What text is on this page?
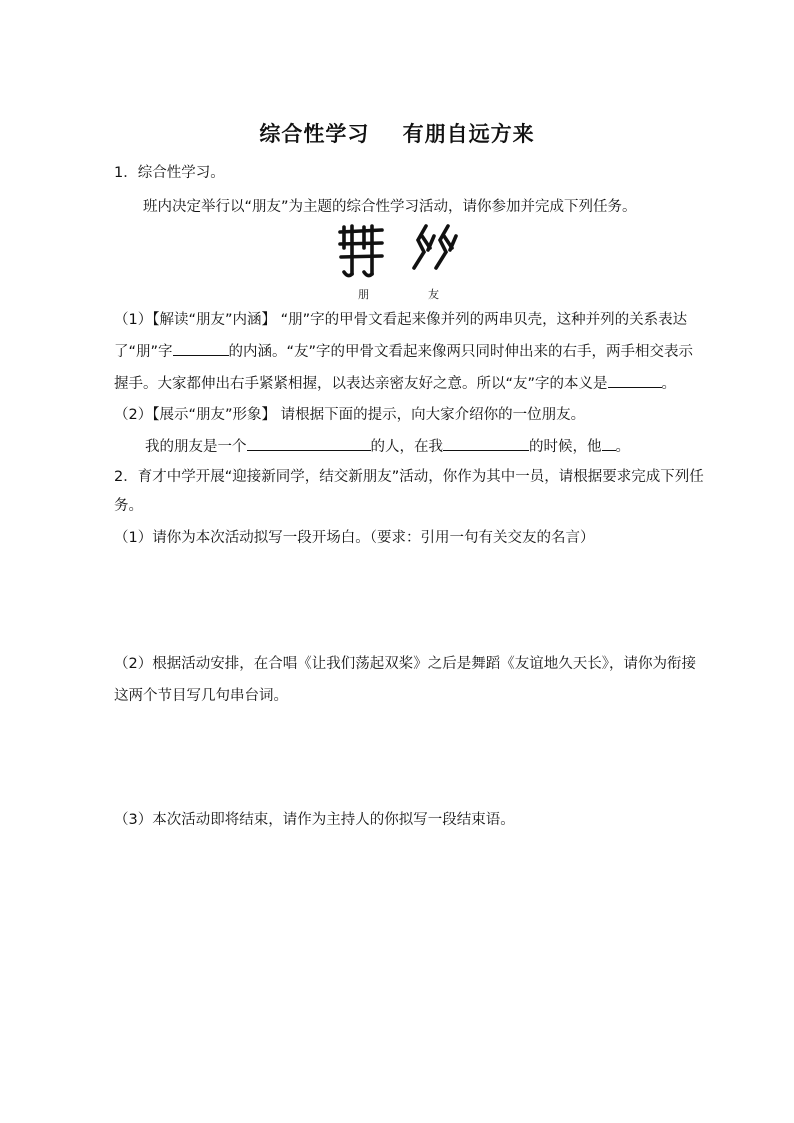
综合性学习    有朋自远方来
1．综合性学习。
班内决定举行以“朋友”为主题的综合性学习活动，请你参加并完成下列任务。
朋	友
（1）【解读“朋友”内涵】 “朋”字的甲骨文看起来像并列的两串贝壳，这种并列的关系表达
了“朋”字	的内涵。“友”字的甲骨文看起来像两只同时伸出来的右手，两手相交表示
握手。大家都伸出右手紧紧相握，以表达亲密友好之意。所以“友”字的本义是	。
（2）【展示“朋友”形象】 请根据下面的提示，向大家介绍你的一位朋友。
我的朋友是一个	的人，在我	的时候，他 。
2．育才中学开展“迎接新同学，结交新朋友”活动，你作为其中一员，请根据要求完成下列任
务。
（1）请你为本次活动拟写一段开场白。（要求：引用一句有关交友的名言）
（2）根据活动安排，在合唱《让我们荡起双桨》之后是舞蹈《友谊地久天长》，请你为衔接
这两个节目写几句串台词。
（3）本次活动即将结束，请作为主持人的你拟写一段结束语。
